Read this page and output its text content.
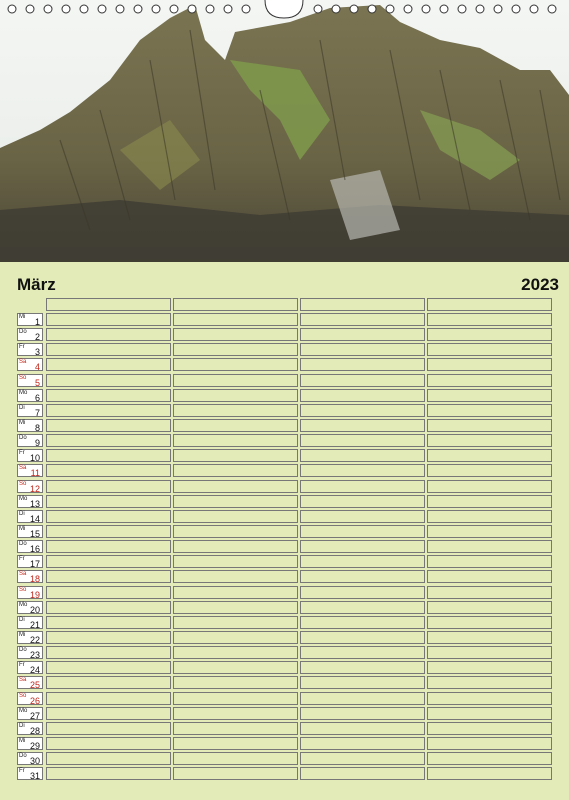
März	2023
Mi 1
Do 2
Fr 3
Sa 4
So 5
Mo 6
Di 7
Mi 8
Do 9
Fr 10
Sa 11
So 12
Mo 13
Di 14
Mi 15
Do 16
Fr 17
Sa 18
So 19
Mo 20
Di 21
Mi 22
Do 23
Fr 24
Sa 25
So 26
Mo 27
Di 28
Mi 29
Do 30
Fr 31
